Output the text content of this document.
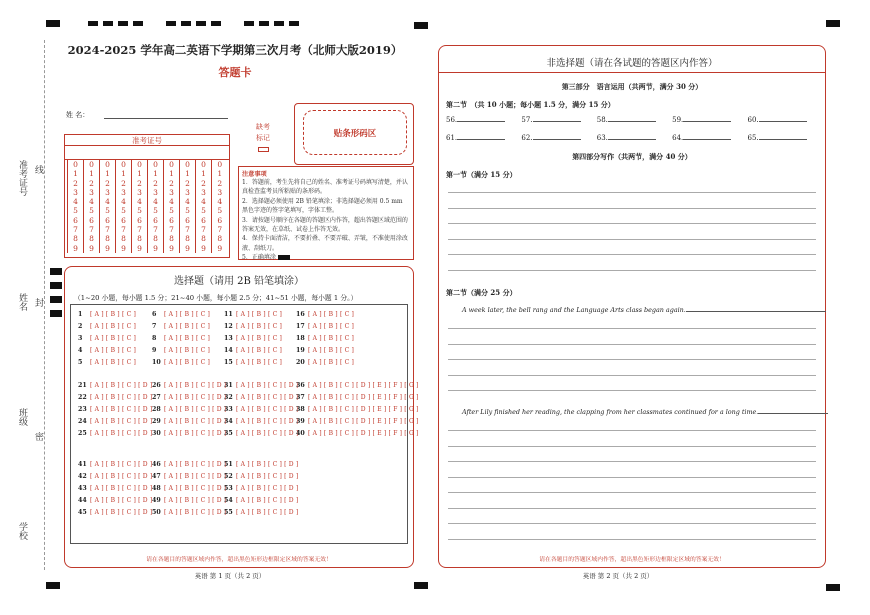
准考证号 线
姓名 封
班级
密
学校
2024-2025 学年高二英语下学期第三次月考（北师大版2019）
答题卡
姓 名：
准考证号
0	0	0	0	0	0	0	0	0	0
1	1	1	1	1	1	1	1	1	1
2	2	2	2	2	2	2	2	2	2
3	3	3	3	3	3	3	3	3	3
4	4	4	4	4	4	4	4	4	4
5	5	5	5	5	5	5	5	5	5
6	6	6	6	6	6	6	6	6	6
7	7	7	7	7	7	7	7	7	7
8	8	8	8	8	8	8	8	8	8
9	9	9	9	9	9	9	9	9	9
缺考
标记	贴条形码区
注意事项

1．答题前，考生先将自己的姓名、准考证号码填写清楚，并认真检查监考员所粘贴的条形码。

2．选择题必须使用 2B 铅笔填涂；非选择题必须用 0.5 mm 黑色字迹的签字笔填写，字体工整。

3．请按题号顺序在各题的答题区内作答，超出答题区域范围的答案无效，在草纸、试卷上作答无效。

4．保持卡面清洁，不要折叠、不要弄破、弄皱，不准使用涂改液、刮纸刀。

5．正确填涂

选择题（请用 2B 铅笔填涂）
（1~20 小题，每小题 1.5 分；21~40 小题，每小题 2.5 分；41~51 小题，每小题 1 分。）
1	[ A ] [ B ] [ C ]
2	[ A ] [ B ] [ C ]
3	[ A ] [ B ] [ C ]
4	[ A ] [ B ] [ C ]
5	[ A ] [ B ] [ C ]
6	[ A ] [ B ] [ C ]
7	[ A ] [ B ] [ C ]
8	[ A ] [ B ] [ C ]
9	[ A ] [ B ] [ C ]
10 [ A ] [ B ] [ C ]
11 [ A ] [ B ] [ C ]
12 [ A ] [ B ] [ C ]
13 [ A ] [ B ] [ C ]
14 [ A ] [ B ] [ C ]
15 [ A ] [ B ] [ C ]
16 [ A ] [ B ] [ C ]
17 [ A ] [ B ] [ C ]
18 [ A ] [ B ] [ C ]
19 [ A ] [ B ] [ C ]
20 [ A ] [ B ] [ C ]
21 [ A ] [ B ] [ C ] [ D ]
22 [ A ] [ B ] [ C ] [ D ]
23 [ A ] [ B ] [ C ] [ D ]
24 [ A ] [ B ] [ C ] [ D ]
25 [ A ] [ B ] [ C ] [ D ]
26 [ A ] [ B ] [ C ] [ D ]
27 [ A ] [ B ] [ C ] [ D ]
28 [ A ] [ B ] [ C ] [ D ]
29 [ A ] [ B ] [ C ] [ D ]
30 [ A ] [ B ] [ C ] [ D ]
31 [ A ] [ B ] [ C ] [ D ]
32 [ A ] [ B ] [ C ] [ D ]
33 [ A ] [ B ] [ C ] [ D ]
34 [ A ] [ B ] [ C ] [ D ]
35 [ A ] [ B ] [ C ] [ D ]
36 [ A ] [ B ] [ C ] [ D ] [ E ] [ F ] [ G ]
37 [ A ] [ B ] [ C ] [ D ] [ E ] [ F ] [ G ]
38 [ A ] [ B ] [ C ] [ D ] [ E ] [ F ] [ G ]
39 [ A ] [ B ] [ C ] [ D ] [ E ] [ F ] [ G ]
40 [ A ] [ B ] [ C ] [ D ] [ E ] [ F ] [ G ]
41 [ A ] [ B ] [ C ] [ D ]
42 [ A ] [ B ] [ C ] [ D ]
43 [ A ] [ B ] [ C ] [ D ]
44 [ A ] [ B ] [ C ] [ D ]
45 [ A ] [ B ] [ C ] [ D ]
46 [ A ] [ B ] [ C ] [ D ]
47 [ A ] [ B ] [ C ] [ D ]
48 [ A ] [ B ] [ C ] [ D ]
49 [ A ] [ B ] [ C ] [ D ]
50 [ A ] [ B ] [ C ] [ D ]
51 [ A ] [ B ] [ C ] [ D ]
52 [ A ] [ B ] [ C ] [ D ]
53 [ A ] [ B ] [ C ] [ D ]
54 [ A ] [ B ] [ C ] [ D ]
55 [ A ] [ B ] [ C ] [ D ]
请在各题目的答题区域内作答，超出黑色矩形边框限定区域的答案无效！
英语 第 1 页（共 2 页）
非选择题（请在各试题的答题区内作答）
第三部分　语言运用（共两节，满分 30 分）
第二节　（共 10 小题；每小题 1.5 分，满分 15 分）
56.	57.	58.	59.	60.
61.	62.	63.	64.	65.
第四部分写作（共两节，满分 40 分）
第一节（满分 15 分）
第二节（满分 25 分）
A week later, the bell rang and the Language Arts class began again.
After Lily finished her reading, the clapping from her classmates continued for a long time.
请在各题目的答题区域内作答，超出黑色矩形边框限定区域的答案无效！
英语 第 2 页（共 2 页）
